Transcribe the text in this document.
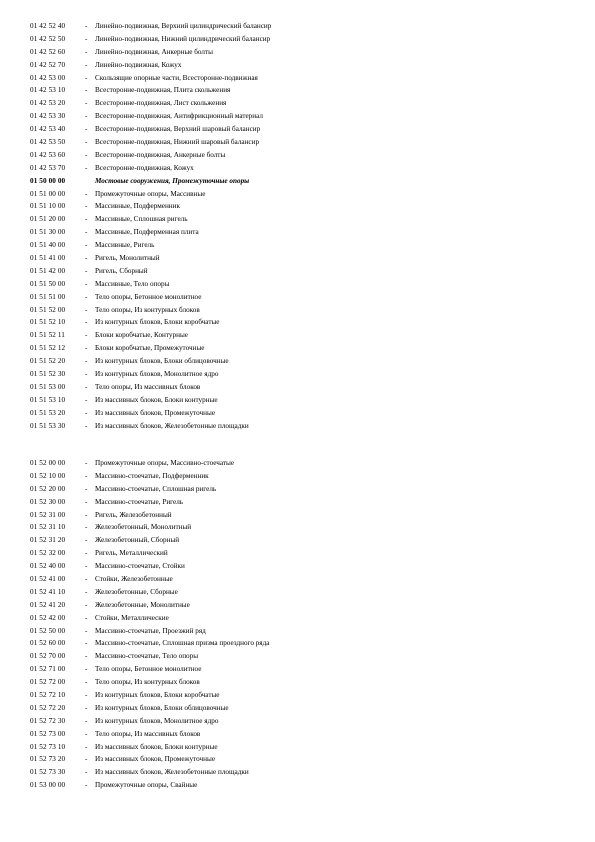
01 42 52 40	-	Линейно-подвижная, Верхний цилиндрический балансир
01 42 52 50	-	Линейно-подвижная, Нижний цилиндрический балансир
01 42 52 60	-	Линейно-подвижная, Анкерные болты
01 42 52 70	-	Линейно-подвижная, Кожух
01 42 53 00	-	Скользящие опорные части, Всесторонне-подвижная
01 42 53 10	-	Всесторонне-подвижная, Плита скольжения
01 42 53 20	-	Всесторонне-подвижная, Лист скольжения
01 42 53 30	-	Всесторонне-подвижная, Антифрикционный материал
01 42 53 40	-	Всесторонне-подвижная, Верхний шаровый балансир
01 42 53 50	-	Всесторонне-подвижная, Нижний шаровый балансир
01 42 53 60	-	Всесторонне-подвижная, Анкерные болты
01 42 53 70	-	Всесторонне-подвижная, Кожух
01 50 00 00	Мостовые сооружения, Промежуточные опоры
01 51 00 00	-	Промежуточные опоры, Массивные
01 51 10 00	-	Массивные, Подферменник
01 51 20 00	-	Массивные, Сплошная ригель
01 51 30 00	-	Массивные, Подферменная плита
01 51 40 00	-	Массивные, Ригель
01 51 41 00	-	Ригель, Монолитный
01 51 42 00	-	Ригель, Сборный
01 51 50 00	-	Массивные, Тело опоры
01 51 51 00	-	Тело опоры, Бетонное монолитное
01 51 52 00	-	Тело опоры, Из контурных блоков
01 51 52 10	-	Из контурных блоков, Блоки коробчатые
01 51 52 11	-	Блоки коробчатые, Контурные
01 51 52 12	-	Блоки коробчатые, Промежуточные
01 51 52 20	-	Из контурных блоков, Блоки облицовочные
01 51 52 30	-	Из контурных блоков, Монолитное ядро
01 51 53 00	-	Тело опоры, Из массивных блоков
01 51 53 10	-	Из массивных блоков, Блоки контурные
01 51 53 20	-	Из массивных блоков, Промежуточные
01 51 53 30	-	Из массивных блоков, Железобетонные площадки
01 52 00 00	-	Промежуточные опоры, Массивно-стоечатые
01 52 10 00	-	Массивно-стоечатые, Подферменник
01 52 20 00	-	Массивно-стоечатые, Сплошная ригель
01 52 30 00	-	Массивно-стоечатые, Ригель
01 52 31 00	-	Ригель, Железобетонный
01 52 31 10	-	Железобетонный, Монолитный
01 52 31 20	-	Железобетонный, Сборный
01 52 32 00	-	Ригель, Металлический
01 52 40 00	-	Массивно-стоечатые, Стойки
01 52 41 00	-	Стойки, Железобетонные
01 52 41 10	-	Железобетонные, Сборные
01 52 41 20	-	Железобетонные, Монолитные
01 52 42 00	-	Стойки, Металлические
01 52 50 00	-	Массивно-стоечатые, Проезжий ряд
01 52 60 00	-	Массивно-стоечатые, Сплошная призма проездного ряда
01 52 70 00	-	Массивно-стоечатые, Тело опоры
01 52 71 00	-	Тело опоры, Бетонное монолитное
01 52 72 00	-	Тело опоры, Из контурных блоков
01 52 72 10	-	Из контурных блоков, Блоки коробчатые
01 52 72 20	-	Из контурных блоков, Блоки облицовочные
01 52 72 30	-	Из контурных блоков, Монолитное ядро
01 52 73 00	-	Тело опоры, Из массивных блоков
01 52 73 10	-	Из массивных блоков, Блоки контурные
01 52 73 20	-	Из массивных блоков, Промежуточные
01 52 73 30	-	Из массивных блоков, Железобетонные площадки
01 53 00 00	-	Промежуточные опоры, Свайные
